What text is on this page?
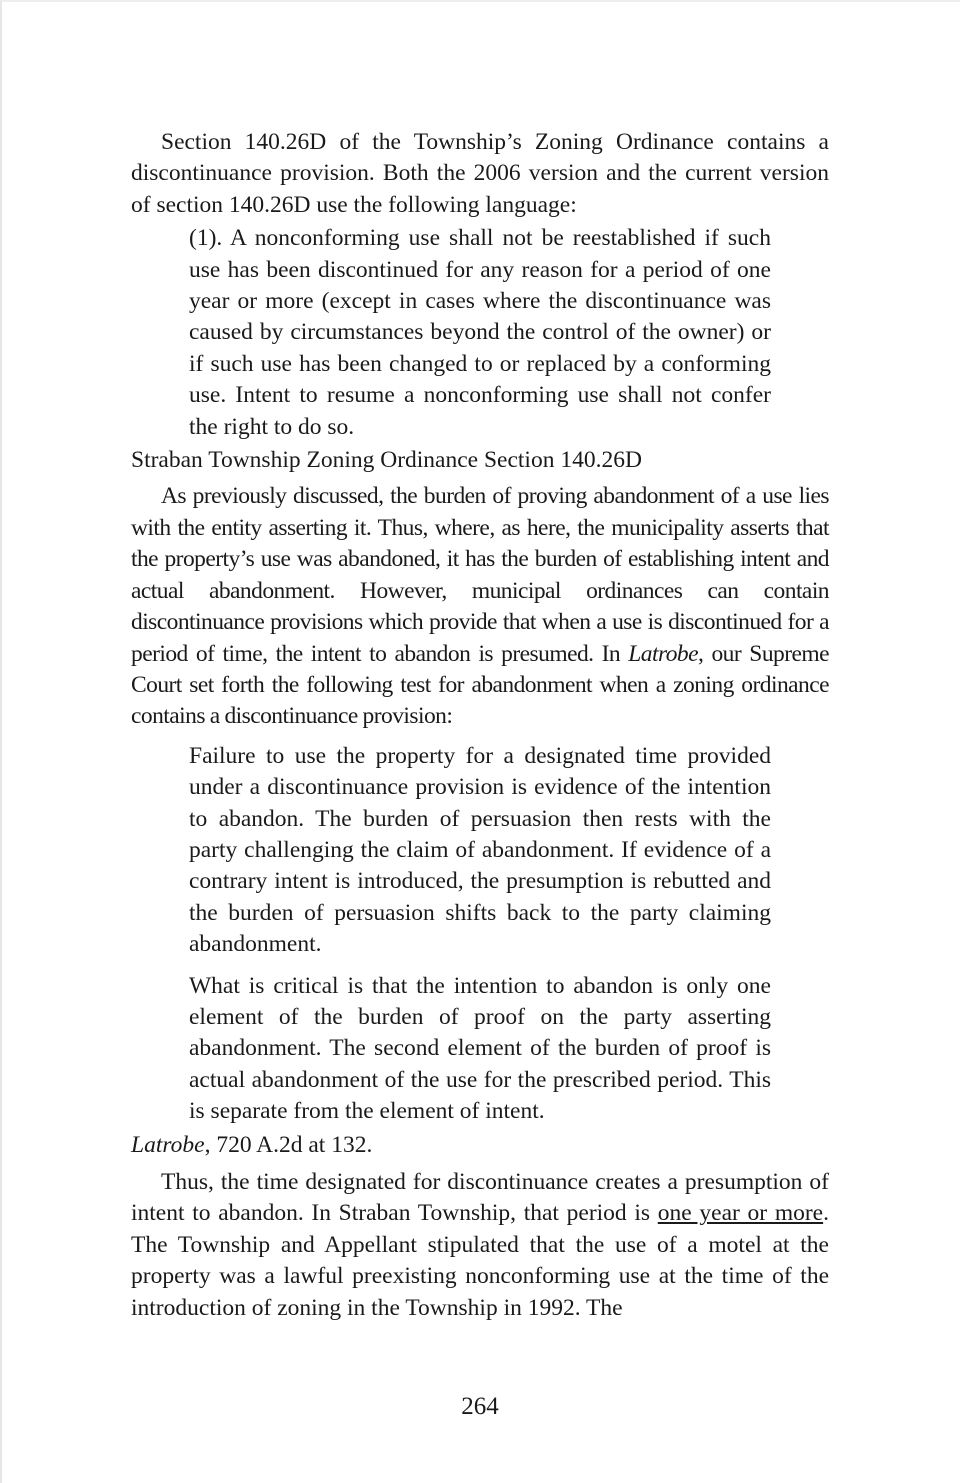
Section 140.26D of the Township’s Zoning Ordinance contains a discontinuance provision. Both the 2006 version and the current version of section 140.26D use the following language:

(1). A nonconforming use shall not be reestablished if such use has been discontinued for any reason for a period of one year or more (except in cases where the discontinuance was caused by circumstances beyond the control of the owner) or if such use has been changed to or replaced by a conforming use. Intent to resume a nonconforming use shall not confer the right to do so.

Straban Township Zoning Ordinance Section 140.26D

As previously discussed, the burden of proving abandonment of a use lies with the entity asserting it. Thus, where, as here, the municipality asserts that the property’s use was abandoned, it has the burden of establishing intent and actual abandonment. However, municipal ordinances can contain discontinuance provisions which provide that when a use is discontinued for a period of time, the intent to abandon is presumed. In Latrobe, our Supreme Court set forth the following test for abandonment when a zoning ordinance contains a discontinuance provision:

Failure to use the property for a designated time provided under a discontinuance provision is evidence of the intention to abandon. The burden of persuasion then rests with the party challenging the claim of abandonment. If evidence of a contrary intent is introduced, the presumption is rebutted and the burden of persuasion shifts back to the party claiming abandonment.

What is critical is that the intention to abandon is only one element of the burden of proof on the party asserting abandonment. The second element of the burden of proof is actual abandonment of the use for the prescribed period. This is separate from the element of intent.

Latrobe, 720 A.2d at 132.

Thus, the time designated for discontinuance creates a presumption of intent to abandon. In Straban Township, that period is one year or more. The Township and Appellant stipulated that the use of a motel at the property was a lawful preexisting nonconforming use at the time of the introduction of zoning in the Township in 1992. The

264
